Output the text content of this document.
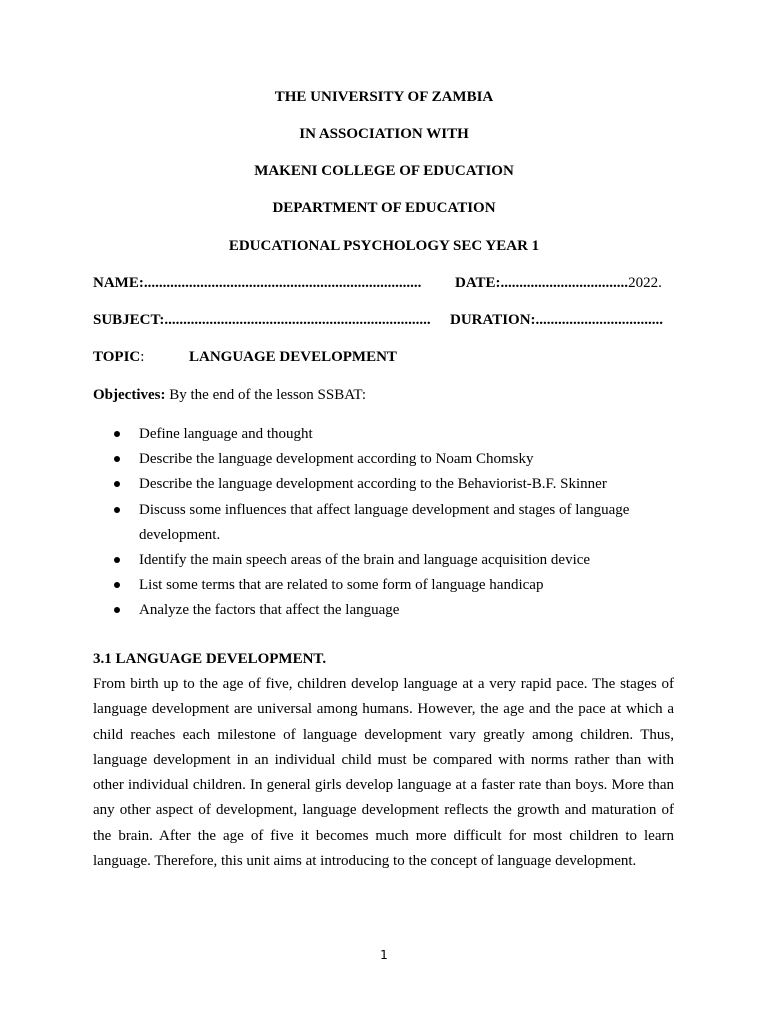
THE UNIVERSITY OF ZAMBIA
IN ASSOCIATION WITH
MAKENI COLLEGE OF EDUCATION
DEPARTMENT OF EDUCATION
EDUCATIONAL PSYCHOLOGY SEC YEAR 1
NAME:.......................................................................... DATE:..................................2022.
SUBJECT:....................................................................... DURATION:..................................
TOPIC:	LANGUAGE DEVELOPMENT
Objectives: By the end of the lesson SSBAT:
Define language and thought
Describe the language development according to Noam Chomsky
Describe the language development according to the Behaviorist-B.F. Skinner
Discuss some influences that affect language development and stages of language development.
Identify the main speech areas of the brain and language acquisition device
List some terms that are related to some form of language handicap
Analyze the factors that affect the language
3.1 LANGUAGE DEVELOPMENT.

From birth up to the age of five, children develop language at a very rapid pace. The stages of language development are universal among humans. However, the age and the pace at which a child reaches each milestone of language development vary greatly among children. Thus, language development in an individual child must be compared with norms rather than with other individual children. In general girls develop language at a faster rate than boys. More than any other aspect of development, language development reflects the growth and maturation of the brain. After the age of five it becomes much more difficult for most children to learn language. Therefore, this unit aims at introducing to the concept of language development.

1
